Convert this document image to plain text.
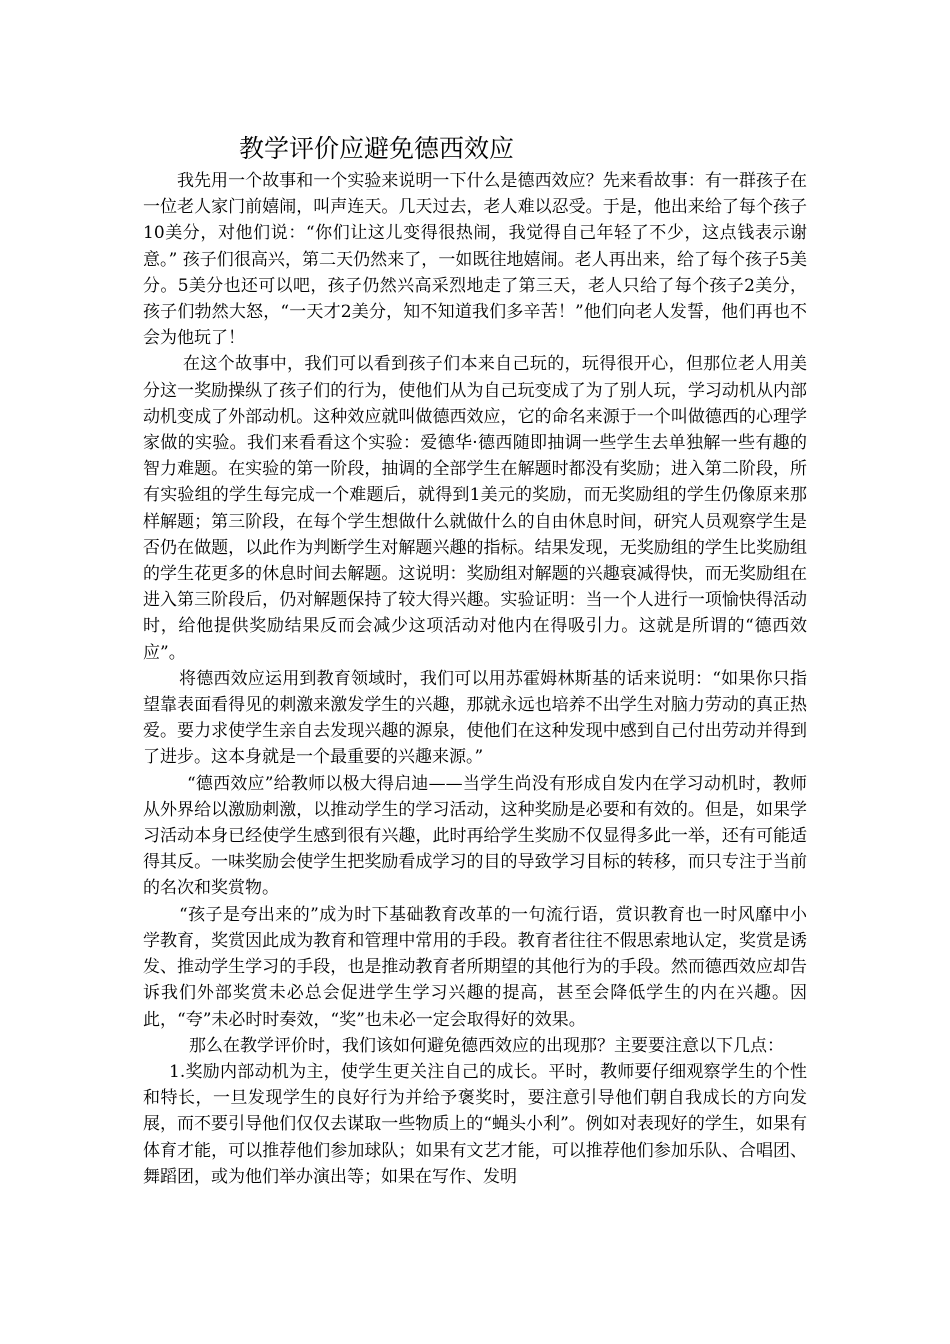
教学评价应避免德西效应

我先用一个故事和一个实验来说明一下什么是德西效应？先来看故事：有一群孩子在一位老人家门前嬉闹，叫声连天。几天过去，老人难以忍受。于是，他出来给了每个孩子10美分，对他们说：“你们让这儿变得很热闹，我觉得自己年轻了不少，这点钱表示谢意。” 孩子们很高兴，第二天仍然来了，一如既往地嬉闹。老人再出来，给了每个孩子5美分。5美分也还可以吧，孩子仍然兴高采烈地走了第三天，老人只给了每个孩子2美分，孩子们勃然大怒，“一天才2美分，知不知道我们多辛苦！”他们向老人发誓，他们再也不会为他玩了！

在这个故事中，我们可以看到孩子们本来自己玩的，玩得很开心，但那位老人用美分这一奖励操纵了孩子们的行为，使他们从为自己玩变成了为了别人玩，学习动机从内部动机变成了外部动机。这种效应就叫做德西效应，它的命名来源于一个叫做德西的心理学家做的实验。我们来看看这个实验：爱德华·德西随即抽调一些学生去单独解一些有趣的智力难题。在实验的第一阶段，抽调的全部学生在解题时都没有奖励；进入第二阶段，所有实验组的学生每完成一个难题后，就得到1美元的奖励，而无奖励组的学生仍像原来那样解题；第三阶段，在每个学生想做什么就做什么的自由休息时间，研究人员观察学生是否仍在做题，以此作为判断学生对解题兴趣的指标。结果发现，无奖励组的学生比奖励组的学生花更多的休息时间去解题。这说明：奖励组对解题的兴趣衰减得快，而无奖励组在进入第三阶段后，仍对解题保持了较大得兴趣。实验证明：当一个人进行一项愉快得活动时，给他提供奖励结果反而会减少这项活动对他内在得吸引力。这就是所谓的“德西效应”。

将德西效应运用到教育领域时，我们可以用苏霍姆林斯基的话来说明：“如果你只指望靠表面看得见的刺激来激发学生的兴趣，那就永远也培养不出学生对脑力劳动的真正热爱。要力求使学生亲自去发现兴趣的源泉，使他们在这种发现中感到自己付出劳动并得到了进步。这本身就是一个最重要的兴趣来源。”

“德西效应”给教师以极大得启迪——当学生尚没有形成自发内在学习动机时，教师从外界给以激励刺激，以推动学生的学习活动，这种奖励是必要和有效的。但是，如果学习活动本身已经使学生感到很有兴趣，此时再给学生奖励不仅显得多此一举，还有可能适得其反。一味奖励会使学生把奖励看成学习的目的导致学习目标的转移，而只专注于当前的名次和奖赏物。

“孩子是夸出来的”成为时下基础教育改革的一句流行语，赏识教育也一时风靡中小学教育，奖赏因此成为教育和管理中常用的手段。教育者往往不假思索地认定，奖赏是诱发、推动学生学习的手段，也是推动教育者所期望的其他行为的手段。然而德西效应却告诉我们外部奖赏未必总会促进学生学习兴趣的提高，甚至会降低学生的内在兴趣。因此，“夸”未必时时奏效，“奖”也未必一定会取得好的效果。

那么在教学评价时，我们该如何避免德西效应的出现那？主要要注意以下几点：

1.奖励内部动机为主，使学生更关注自己的成长。平时，教师要仔细观察学生的个性和特长，一旦发现学生的良好行为并给予褒奖时，要注意引导他们朝自我成长的方向发展，而不要引导他们仅仅去谋取一些物质上的“蝇头小利”。例如对表现好的学生，如果有体育才能，可以推荐他们参加球队；如果有文艺才能，可以推荐他们参加乐队、合唱团、舞蹈团，或为他们举办演出等；如果在写作、发明
